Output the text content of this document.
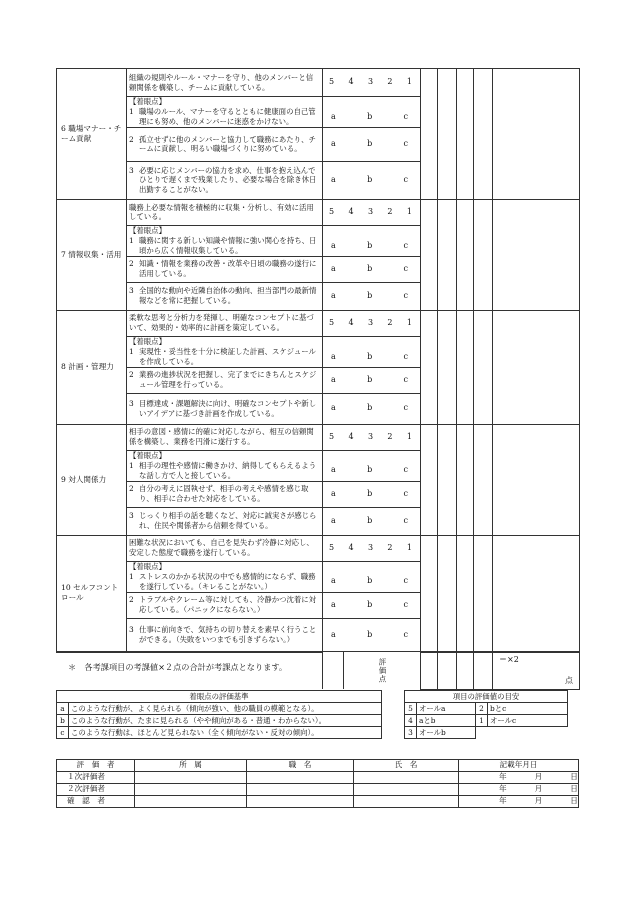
6 職場マナー・チーム貢献	組織の規則やルール・マナーを守り、他のメンバーと信頼関係を構築し、チームに貢献している。	5 4 3 2 1					

	【着眼点】						

	1 職場のルール、マナーを守るとともに健康面の自己管理にも努め、他のメンバーに迷惑をかけない。	a b c					

	2 孤立せずに他のメンバーと協力して職務にあたり、チームに貢献し、明るい職場づくりに努めている。	a b c					

	3 必要に応じメンバーの協力を求め、仕事を抱え込んでひとりで遅くまで残業したり、必要な場合を除き休日出勤することがない。	a b c					

7 情報収集・活用	職務上必要な情報を積極的に収集・分析し、有効に活用している。	5 4 3 2 1					

	【着眼点】						

	1 職務に関する新しい知識や情報に強い関心を持ち、日頃から広く情報収集している。	a b c					

	2 知識・情報を業務の改善・改革や日頃の職務の遂行に活用している。	a b c					

	3 全国的な動向や近隣自治体の動向、担当部門の最新情報などを常に把握している。	a b c					

8 計画・管理力	柔軟な思考と分析力を発揮し、明確なコンセプトに基づいて、効果的・効率的に計画を策定している。	5 4 3 2 1					

	【着眼点】						

	1 実現性・妥当性を十分に検証した計画、スケジュールを作成している。	a b c					

	2 業務の進捗状況を把握し、完了までにきちんとスケジュール管理を行っている。	a b c					

	3 目標達成・課題解決に向け、明確なコンセプトや新しいアイデアに基づき計画を作成している。	a b c					

9 対人関係力	相手の意図・感情に的確に対応しながら、相互の信頼関係を構築し、業務を円滑に遂行する。	5 4 3 2 1					

	【着眼点】						

	1 相手の理性や感情に働きかけ、納得してもらえるような話し方で人と接している。	a b c					

	2 自分の考えに固執せず、相手の考えや感情を感じ取り、相手に合わせた対応をしている。	a b c					

	3 じっくり相手の話を聴くなど、対応に誠実さが感じられ、住民や関係者から信頼を得ている。	a b c					

10 セルフコントロール	困難な状況においても、自己を見失わず冷静に対応し、安定した態度で職務を遂行している。	5 4 3 2 1					

	【着眼点】						

	1 ストレスのかかる状況の中でも感情的にならず、職務を遂行している。（キレることがない。）	a b c					

	2 トラブルやクレーム等に対しても、冷静かつ沈着に対応している。（パニックにならない。）	a b c					

	3 仕事に前向きで、気持ちの切り替えを素早く行うことができる。（失敗をいつまでも引きずらない。）	a b c					

		評価点					＝×2
点
＊　各考課項目の考課値×２点の合計が考課点となります。
着眼点の評価基準	
a	このような行動が、よく見られる（傾向が強い、他の職員の模範となる）。
b	このような行動が、たまに見られる（やや傾向がある・普通・わからない）。
c	このような行動は、ほとんど見られない（全く傾向がない・反対の傾向）。
項目の評価値の目安			
5	オールa	2	bとc
4	aとb	1	オールc
3	オールb		
評　価　者	所　属	職　名	氏　名	記載年月日
１次評価者				年 月 日

２次評価者				年 月 日

確　認　者				年 月 日
